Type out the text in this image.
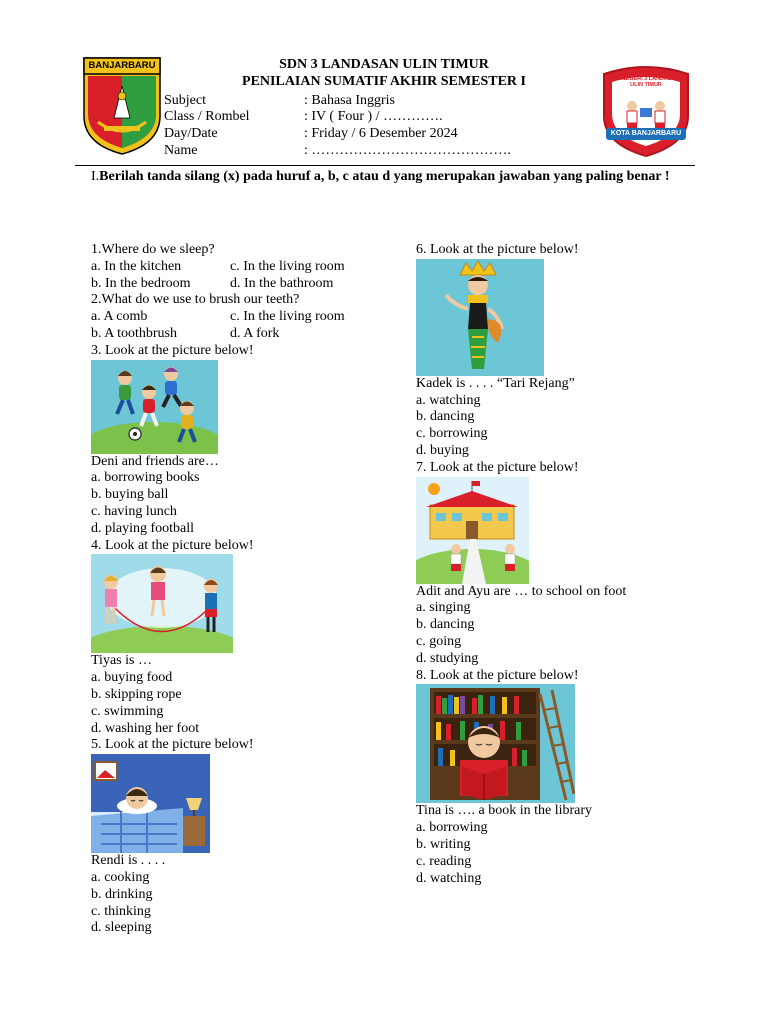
SDN 3 LANDASAN ULIN TIMUR
PENILAIAN SUMATIF AKHIR SEMESTER I
BANJARBARU
Subject	: Bahasa Inggris
Class / Rombel	: IV ( Four ) / ………….
Day/Date	: Friday / 6 Desember 2024
Name	: …………………………………….
SD NEGERI 3 LANDASAN ULIN TIMUR
KOTA BANJARBARU
I.Berilah tanda silang (x) pada huruf a, b, c atau d yang merupakan jawaban yang paling benar !
1.Where do we sleep?
a. In the kitchen	c. In the living room
b. In the bedroom	d. In the bathroom
2.What do we use to brush our teeth?
a. A comb	c. In the living room
b. A toothbrush	d. A fork
3. Look at the picture below!
Deni and friends are…
a. borrowing books
b. buying ball
c. having lunch
d. playing football
4. Look at the picture below!
Tiyas is …
a. buying food
b. skipping rope
c. swimming
d. washing her foot
5. Look at the picture below!
Rendi is . . . .
a. cooking
b. drinking
c. thinking
d. sleeping
6. Look at the picture below!
Kadek is . . . . “Tari Rejang”
a. watching
b. dancing
c. borrowing
d. buying
7. Look at the picture below!
Adit and Ayu are … to school on foot
a. singing
b. dancing
c. going
d. studying
8. Look at the picture below!
Tina is …. a book in the library
a. borrowing
b. writing
c. reading
d. watching
